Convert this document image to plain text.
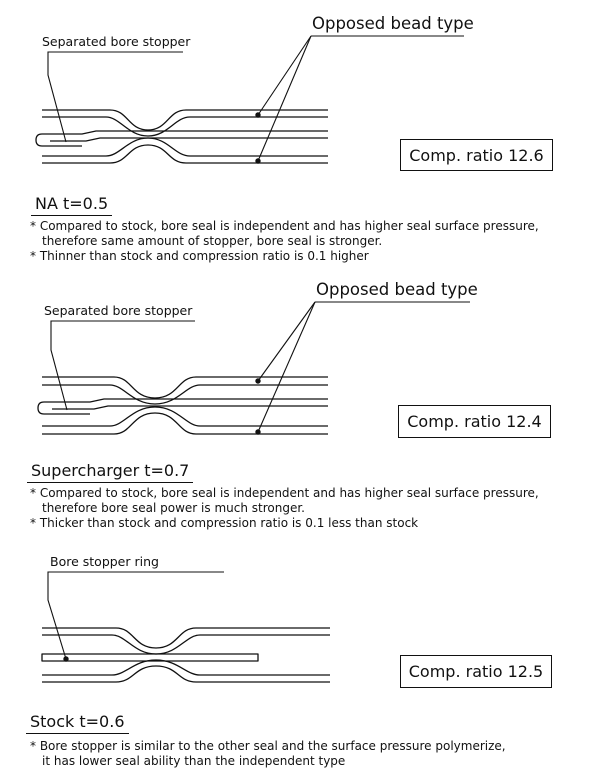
Separated bore stopper
Opposed bead type
Separated bore stopper
Opposed bead type
Bore stopper ring
Comp. ratio 12.6
Comp. ratio 12.4
Comp. ratio 12.5
NA t=0.5
Supercharger t=0.7
Stock t=0.6
* Compared to stock, bore seal is independent and has higher seal surface pressure,
therefore same amount of stopper, bore seal is stronger.
* Thinner than stock and compression ratio is 0.1 higher
* Compared to stock, bore seal is independent and has higher seal surface pressure,
therefore bore seal power is much stronger.
* Thicker than stock and compression ratio is 0.1 less than stock
* Bore stopper is similar to the other seal and the surface pressure polymerize,
it has lower seal ability than the independent type
